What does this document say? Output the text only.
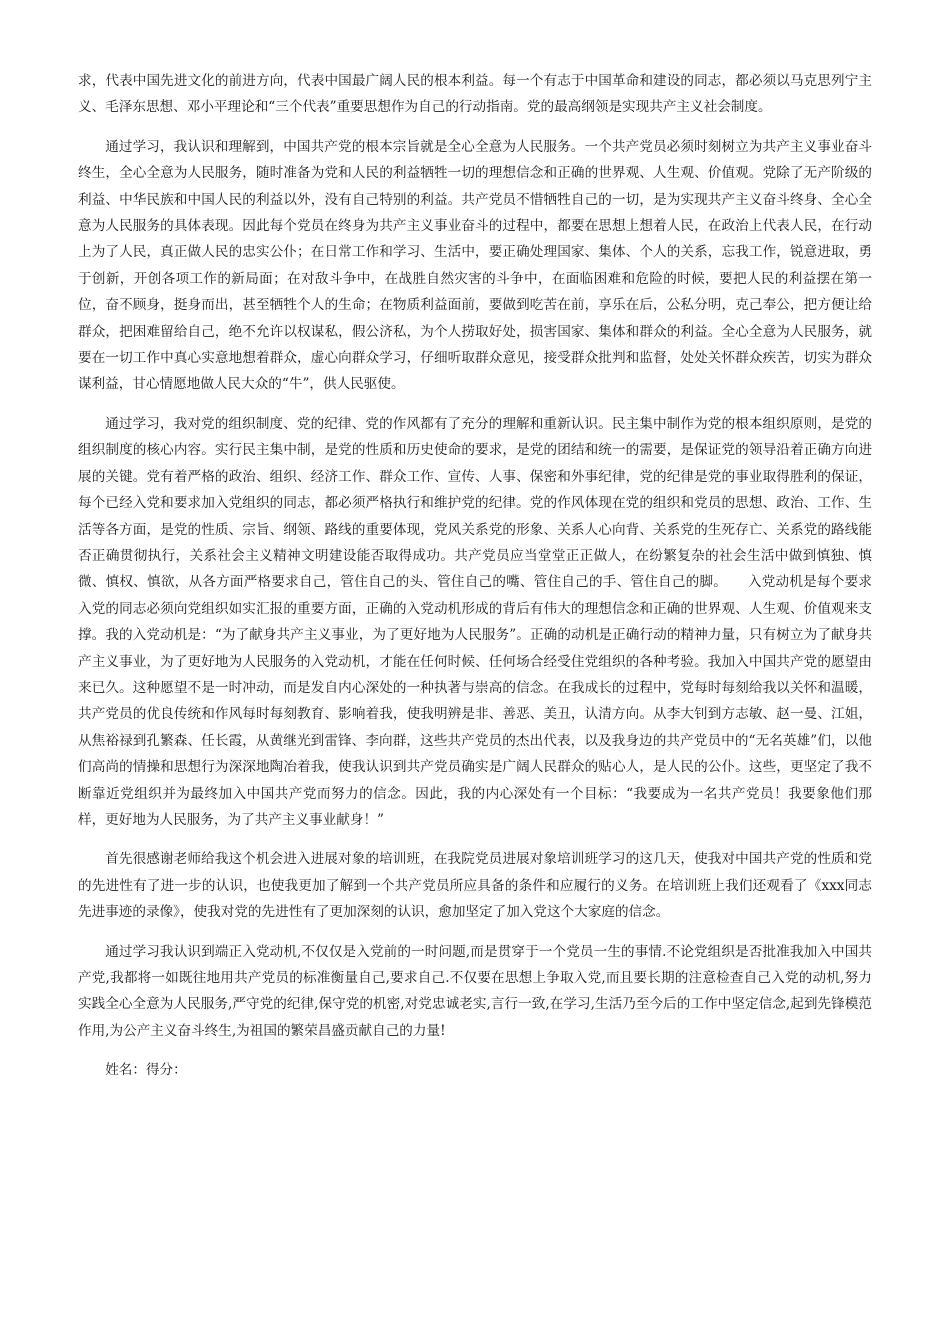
求，代表中国先进文化的前进方向，代表中国最广阔人民的根本利益。每一个有志于中国革命和建设的同志，都必须以马克思列宁主义、毛泽东思想、邓小平理论和“三个代表”重要思想作为自己的行动指南。党的最高纲领是实现共产主义社会制度。

通过学习，我认识和理解到，中国共产党的根本宗旨就是全心全意为人民服务。一个共产党员必须时刻树立为共产主义事业奋斗终生，全心全意为人民服务，随时准备为党和人民的利益牺牲一切的理想信念和正确的世界观、人生观、价值观。党除了无产阶级的利益、中华民族和中国人民的利益以外，没有自己特别的利益。共产党员不惜牺牲自己的一切，是为实现共产主义奋斗终身、全心全意为人民服务的具体表现。因此每个党员在终身为共产主义事业奋斗的过程中，都要在思想上想着人民，在政治上代表人民，在行动上为了人民，真正做人民的忠实公仆；在日常工作和学习、生活中，要正确处理国家、集体、个人的关系，忘我工作，锐意进取，勇于创新，开创各项工作的新局面；在对敌斗争中，在战胜自然灾害的斗争中，在面临困难和危险的时候，要把人民的利益摆在第一位，奋不顾身，挺身而出，甚至牺牲个人的生命；在物质利益面前，要做到吃苦在前，享乐在后，公私分明，克己奉公，把方便让给群众，把困难留给自己，绝不允许以权谋私，假公济私，为个人捞取好处，损害国家、集体和群众的利益。全心全意为人民服务，就要在一切工作中真心实意地想着群众，虚心向群众学习，仔细听取群众意见，接受群众批判和监督，处处关怀群众疾苦，切实为群众谋利益，甘心情愿地做人民大众的“牛”，供人民驱使。

通过学习，我对党的组织制度、党的纪律、党的作风都有了充分的理解和重新认识。民主集中制作为党的根本组织原则，是党的组织制度的核心内容。实行民主集中制，是党的性质和历史使命的要求，是党的团结和统一的需要，是保证党的领导沿着正确方向进展的关键。党有着严格的政治、组织、经济工作、群众工作、宣传、人事、保密和外事纪律，党的纪律是党的事业取得胜利的保证，每个已经入党和要求加入党组织的同志，都必须严格执行和维护党的纪律。党的作风体现在党的组织和党员的思想、政治、工作、生活等各方面，是党的性质、宗旨、纲领、路线的重要体现，党风关系党的形象、关系人心向背、关系党的生死存亡、关系党的路线能否正确贯彻执行，关系社会主义精神文明建设能否取得成功。共产党员应当堂堂正正做人，在纷繁复杂的社会生活中做到慎独、慎微、慎权、慎欲，从各方面严格要求自己，管住自己的头、管住自己的嘴、管住自己的手、管住自己的脚。　　入党动机是每个要求入党的同志必须向党组织如实汇报的重要方面，正确的入党动机形成的背后有伟大的理想信念和正确的世界观、人生观、价值观来支撑。我的入党动机是：“为了献身共产主义事业，为了更好地为人民服务”。正确的动机是正确行动的精神力量，只有树立为了献身共产主义事业，为了更好地为人民服务的入党动机，才能在任何时候、任何场合经受住党组织的各种考验。我加入中国共产党的愿望由来已久。这种愿望不是一时冲动，而是发自内心深处的一种执著与崇高的信念。在我成长的过程中，党每时每刻给我以关怀和温暖，共产党员的优良传统和作风每时每刻教育、影响着我，使我明辨是非、善恶、美丑，认清方向。从李大钊到方志敏、赵一曼、江姐，从焦裕禄到孔繁森、任长霞，从黄继光到雷锋、李向群，这些共产党员的杰出代表，以及我身边的共产党员中的“无名英雄”们，以他们高尚的情操和思想行为深深地陶冶着我，使我认识到共产党员确实是广阔人民群众的贴心人，是人民的公仆。这些，更坚定了我不断靠近党组织并为最终加入中国共产党而努力的信念。因此，我的内心深处有一个目标：“我要成为一名共产党员！我要象他们那样，更好地为人民服务，为了共产主义事业献身！”

首先很感谢老师给我这个机会进入进展对象的培训班，在我院党员进展对象培训班学习的这几天，使我对中国共产党的性质和党的先进性有了进一步的认识，也使我更加了解到一个共产党员所应具备的条件和应履行的义务。在培训班上我们还观看了《xxx同志先进事迹的录像》，使我对党的先进性有了更加深刻的认识，愈加坚定了加入党这个大家庭的信念。

通过学习我认识到端正入党动机,不仅仅是入党前的一时问题,而是贯穿于一个党员一生的事情.不论党组织是否批准我加入中国共产党,我都将一如既往地用共产党员的标准衡量自己,要求自己.不仅要在思想上争取入党,而且要长期的注意检查自己入党的动机,努力实践全心全意为人民服务,严守党的纪律,保守党的机密,对党忠诚老实,言行一致,在学习,生活乃至今后的工作中坚定信念,起到先锋模范作用,为公产主义奋斗终生,为祖国的繁荣昌盛贡献自己的力量!

姓名：得分：
